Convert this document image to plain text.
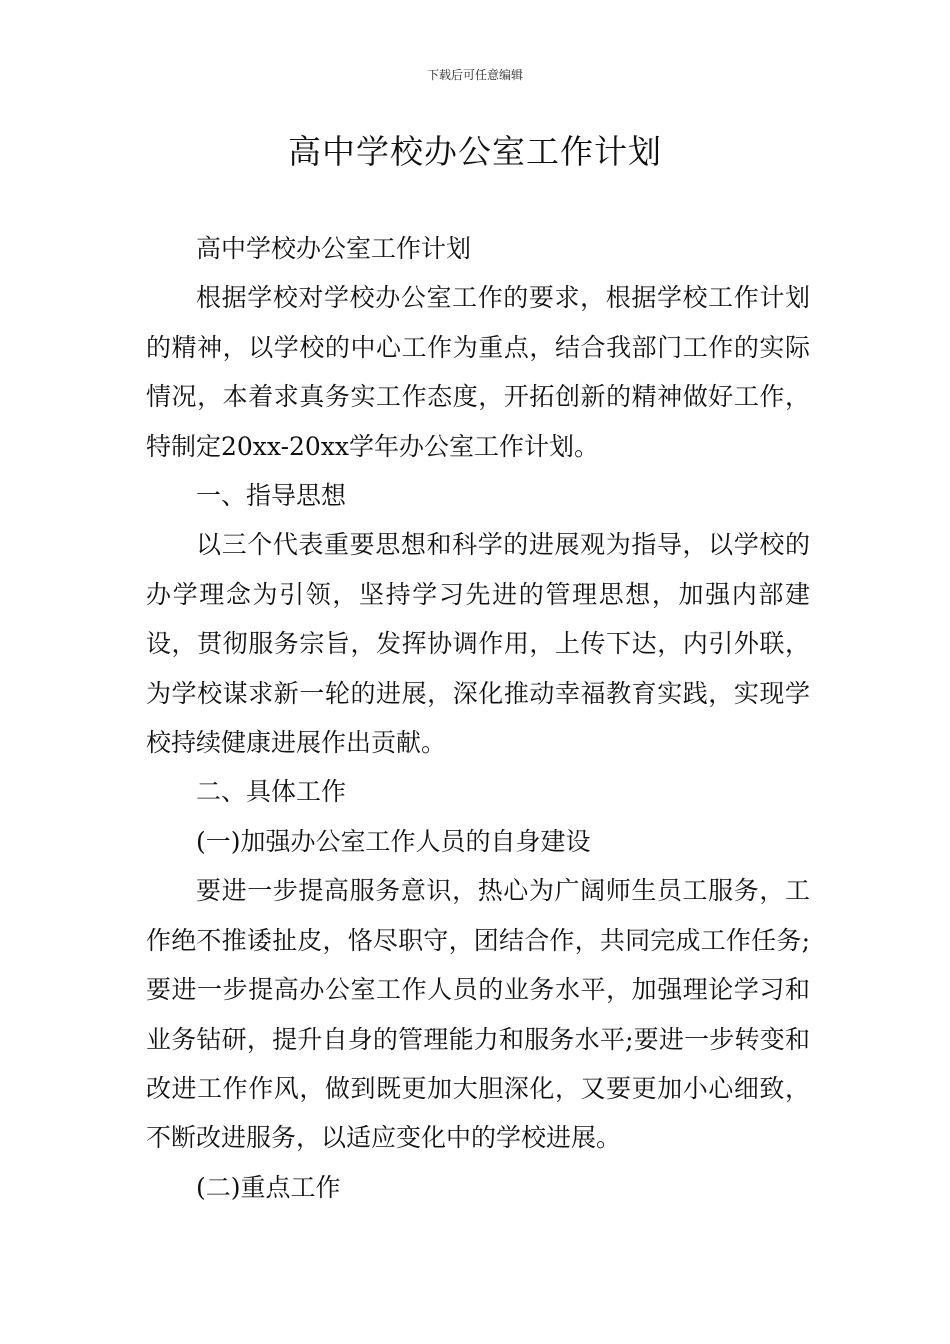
下载后可任意编辑
高中学校办公室工作计划

高中学校办公室工作计划

根据学校对学校办公室工作的要求，根据学校工作计划的精神，以学校的中心工作为重点，结合我部门工作的实际情况，本着求真务实工作态度，开拓创新的精神做好工作，特制定20xx-20xx学年办公室工作计划。

一、指导思想

以三个代表重要思想和科学的进展观为指导，以学校的办学理念为引领，坚持学习先进的管理思想，加强内部建设，贯彻服务宗旨，发挥协调作用，上传下达，内引外联，为学校谋求新一轮的进展，深化推动幸福教育实践，实现学校持续健康进展作出贡献。

二、具体工作

(一)加强办公室工作人员的自身建设

要进一步提高服务意识，热心为广阔师生员工服务，工作绝不推诿扯皮，恪尽职守，团结合作，共同完成工作任务;要进一步提高办公室工作人员的业务水平，加强理论学习和业务钻研，提升自身的管理能力和服务水平;要进一步转变和改进工作作风，做到既更加大胆深化，又要更加小心细致，不断改进服务，以适应变化中的学校进展。

(二)重点工作
